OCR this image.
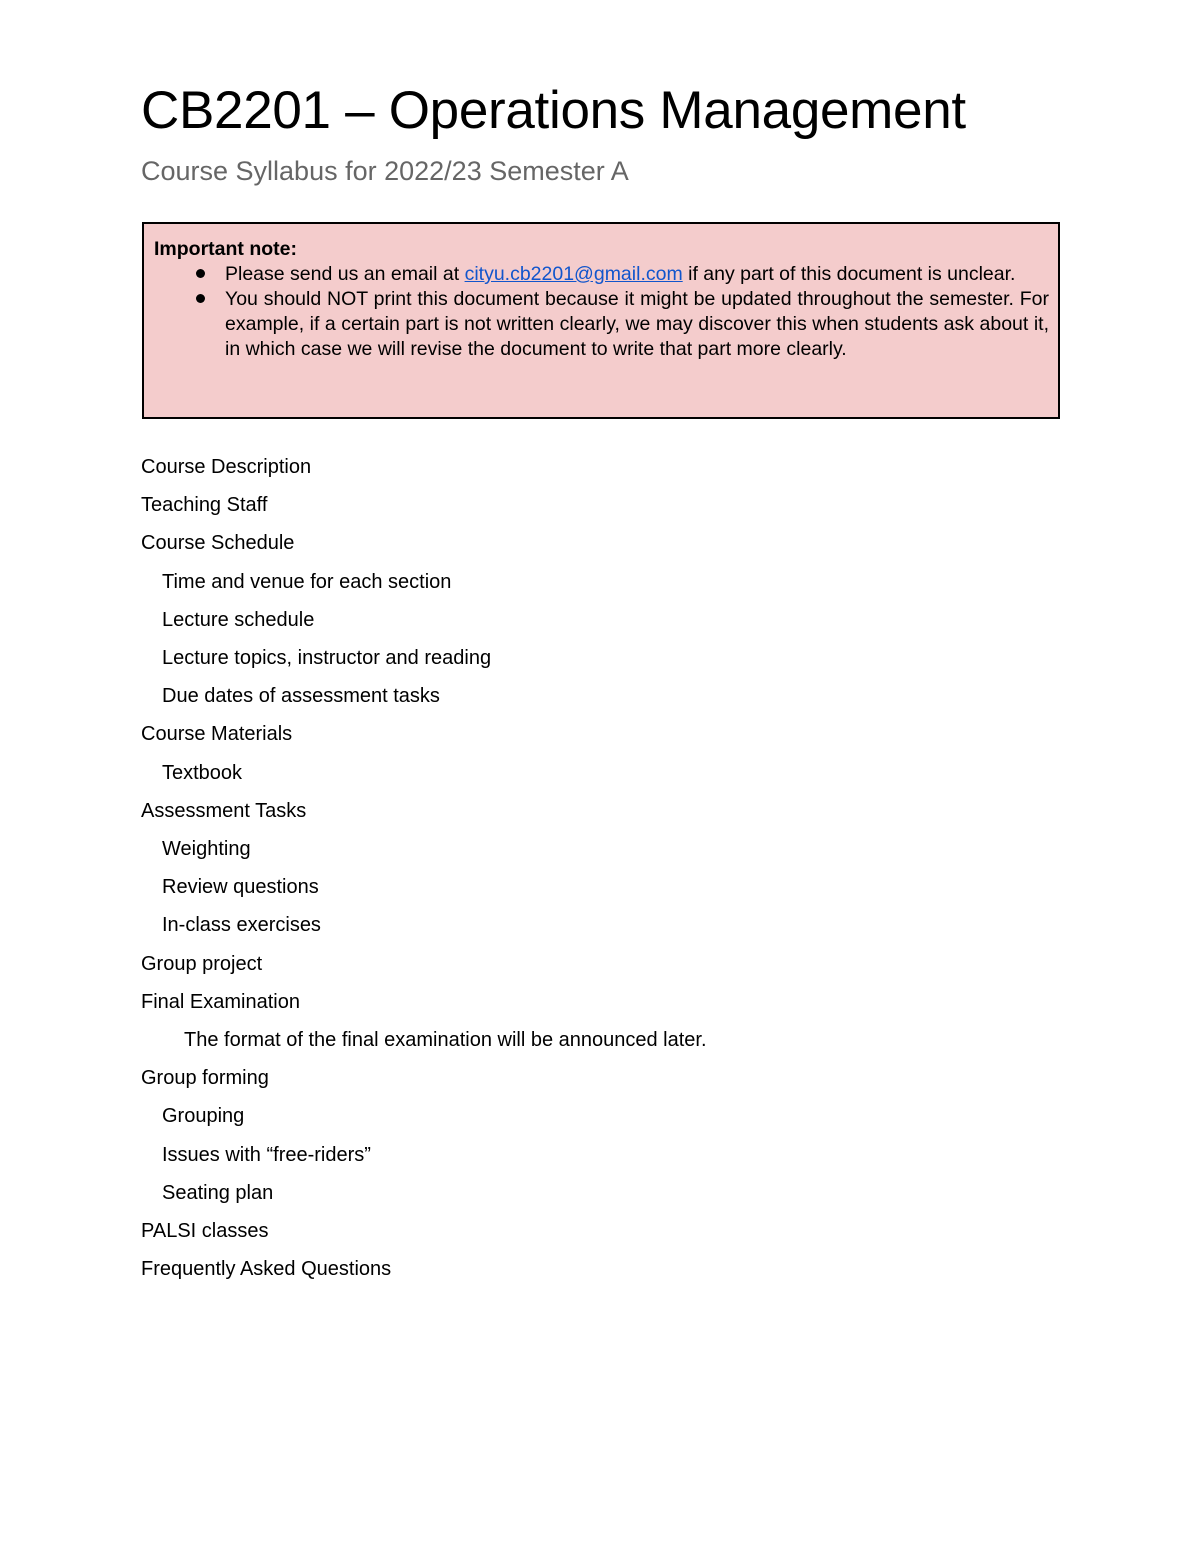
CB2201 – Operations Management
Course Syllabus for 2022/23 Semester A
Important note:
Please send us an email at cityu.cb2201@gmail.com if any part of this document is unclear.
You should NOT print this document because it might be updated throughout the semester. For example, if a certain part is not written clearly, we may discover this when students ask about it, in which case we will revise the document to write that part more clearly.
Course Description
Teaching Staff
Course Schedule
Time and venue for each section
Lecture schedule
Lecture topics, instructor and reading
Due dates of assessment tasks
Course Materials
Textbook
Assessment Tasks
Weighting
Review questions
In-class exercises
Group project
Final Examination
The format of the final examination will be announced later.
Group forming
Grouping
Issues with “free-riders”
Seating plan
PALSI classes
Frequently Asked Questions
